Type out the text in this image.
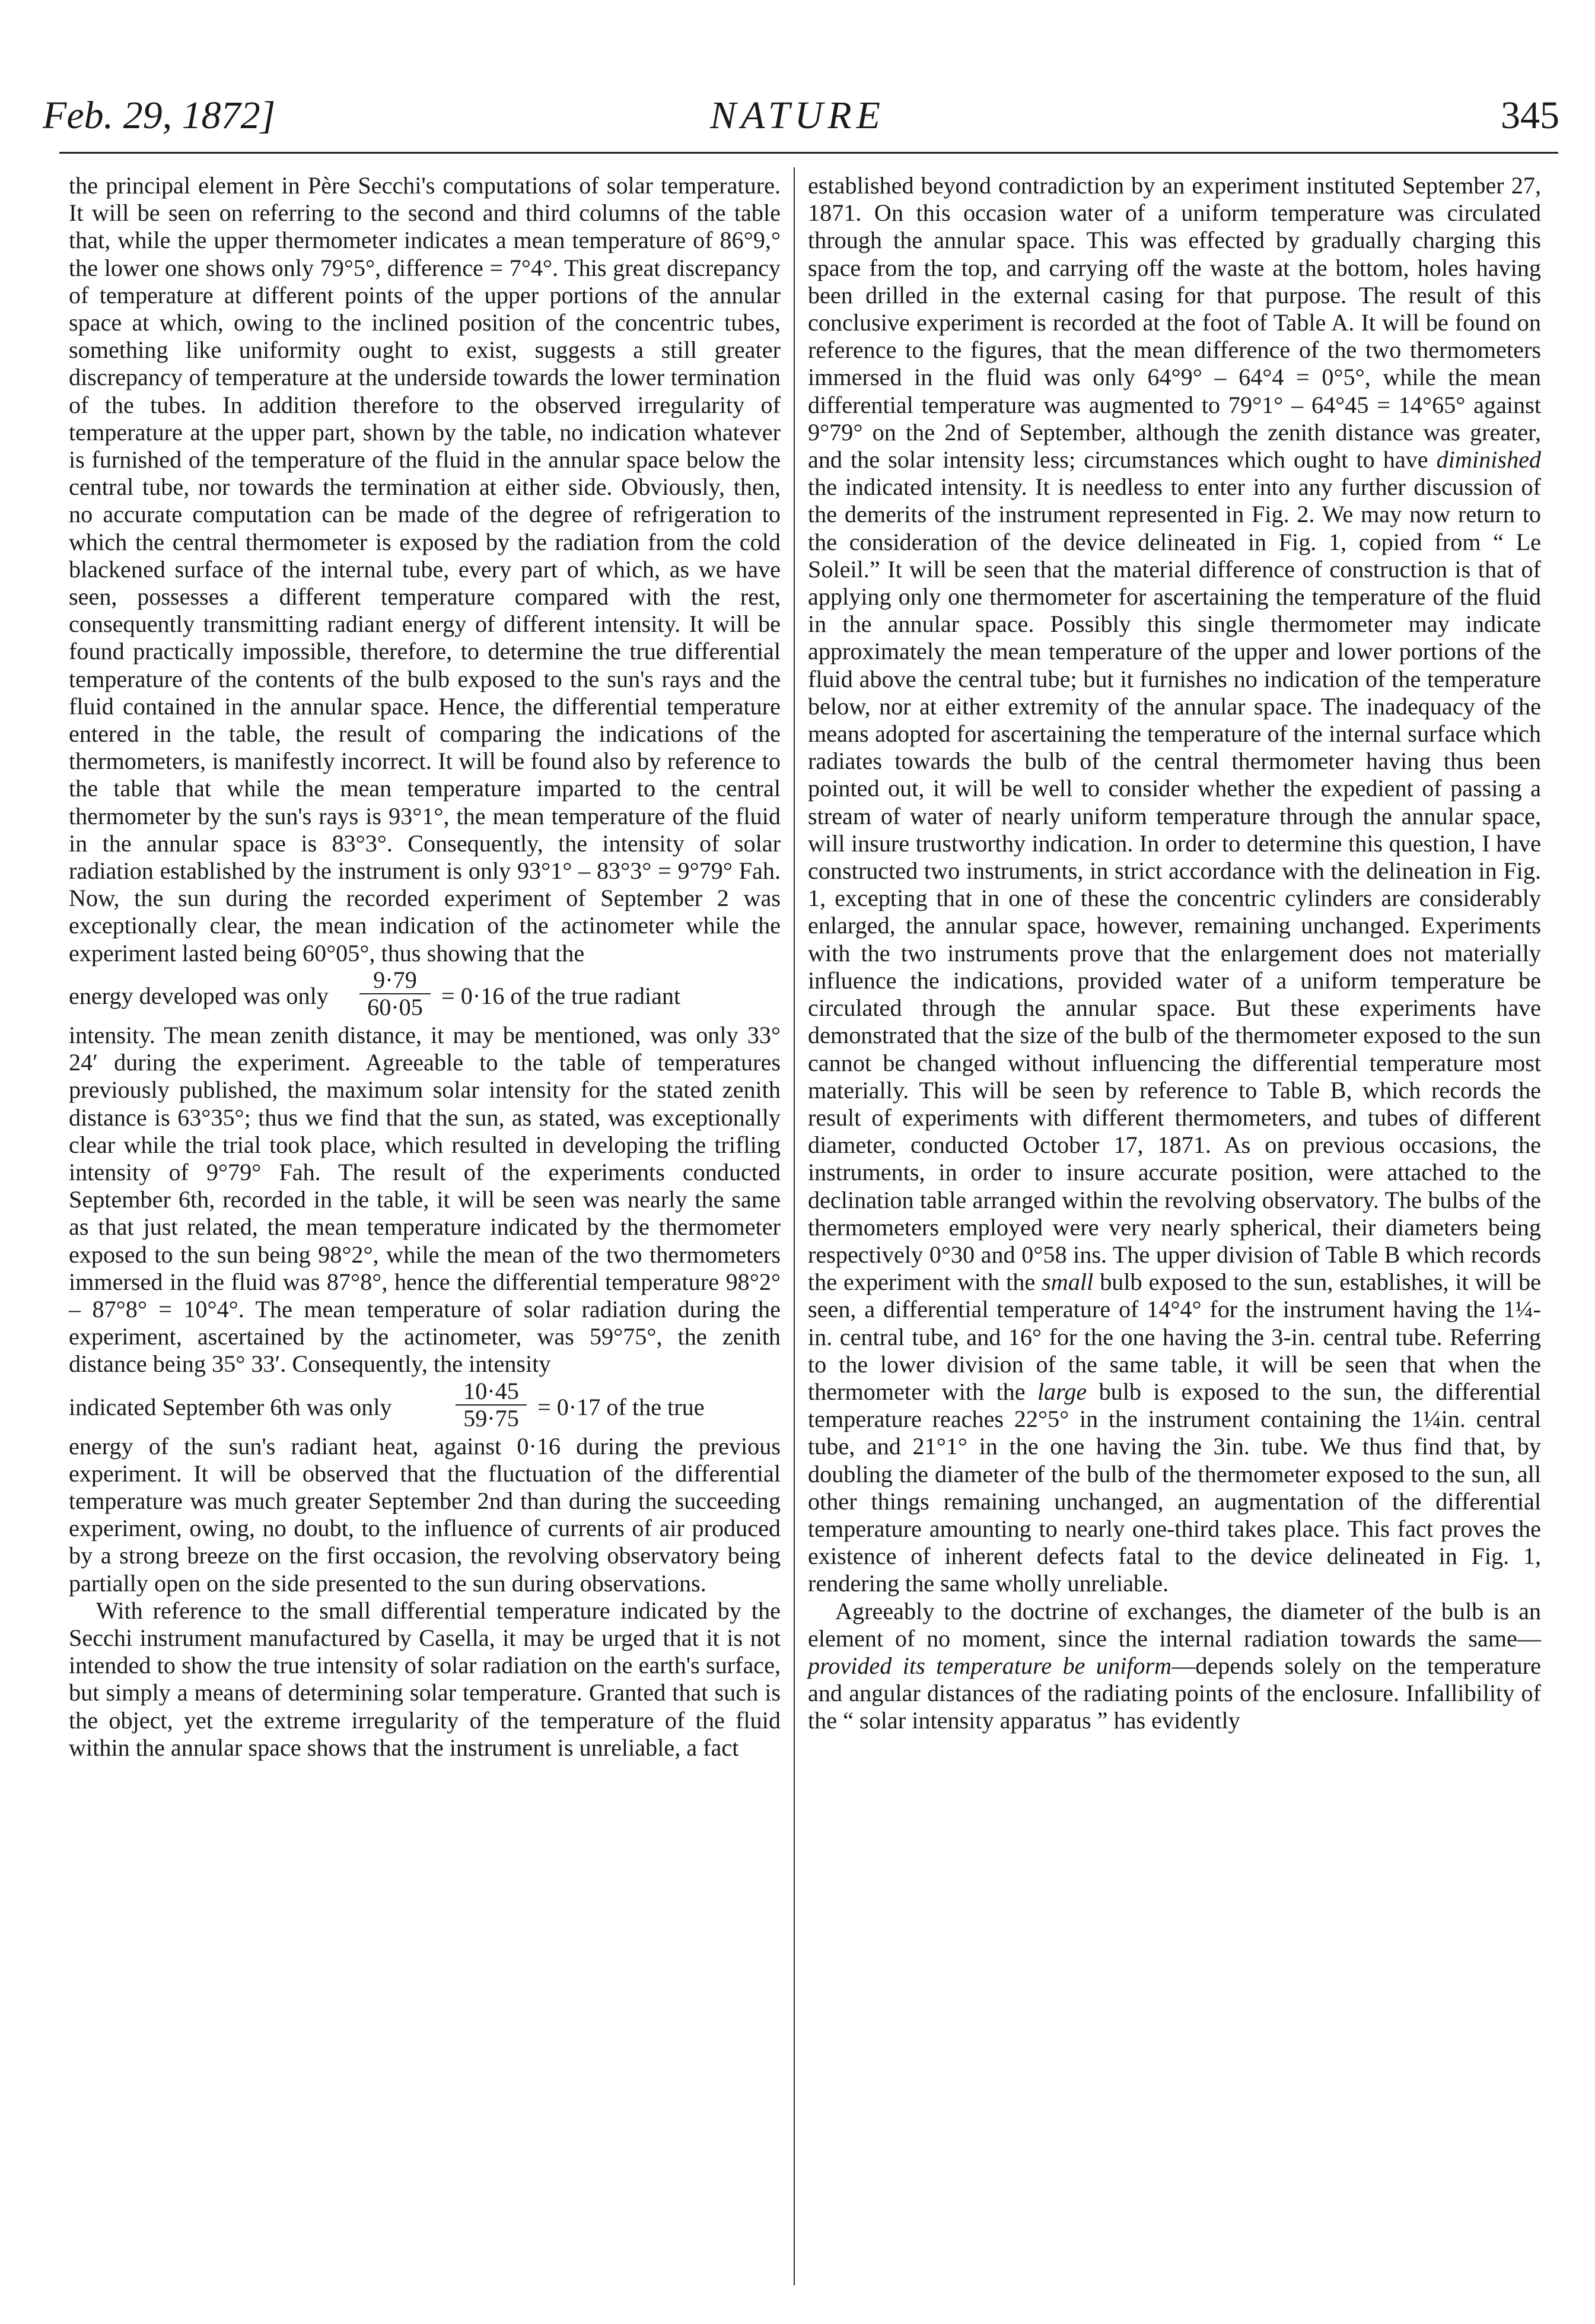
Feb. 29, 1872]	NATURE	345

the principal element in Père Secchi's computations of solar temperature. It will be seen on referring to the second and third columns of the table that, while the upper thermometer indicates a mean temperature of 86°9,° the lower one shows only 79°5°, difference = 7°4°. This great discrepancy of temperature at different points of the upper portions of the annular space at which, owing to the inclined position of the concentric tubes, something like uniformity ought to exist, suggests a still greater discrepancy of temperature at the underside towards the lower termination of the tubes. In addition therefore to the observed irregularity of temperature at the upper part, shown by the table, no indication whatever is furnished of the temperature of the fluid in the annular space below the central tube, nor towards the termination at either side. Obviously, then, no accurate computation can be made of the degree of refrigeration to which the central thermometer is exposed by the radiation from the cold blackened surface of the internal tube, every part of which, as we have seen, possesses a different temperature compared with the rest, consequently transmitting radiant energy of different intensity. It will be found practically impossible, therefore, to determine the true differential temperature of the contents of the bulb exposed to the sun's rays and the fluid contained in the annular space. Hence, the differential temperature entered in the table, the result of comparing the indications of the thermometers, is manifestly incorrect. It will be found also by reference to the table that while the mean temperature imparted to the central thermometer by the sun's rays is 93°1°, the mean temperature of the fluid in the annular space is 83°3°. Consequently, the intensity of solar radiation established by the instrument is only 93°1° – 83°3° = 9°79° Fah. Now, the sun during the recorded experiment of September 2 was exceptionally clear, the mean indication of the actinometer while the experiment lasted being 60°05°, thus showing that the

energy developed was only $\frac{9\cdot 79}{60\cdot 05} = 0\cdot 16$ of the true radiant

intensity. The mean zenith distance, it may be mentioned, was only 33° 24′ during the experiment. Agreeable to the table of temperatures previously published, the maximum solar intensity for the stated zenith distance is 63°35°; thus we find that the sun, as stated, was exceptionally clear while the trial took place, which resulted in developing the trifling intensity of 9°79° Fah. The result of the experiments conducted September 6th, recorded in the table, it will be seen was nearly the same as that just related, the mean temperature indicated by the thermometer exposed to the sun being 98°2°, while the mean of the two thermometers immersed in the fluid was 87°8°, hence the differential temperature 98°2° – 87°8° = 10°4°. The mean temperature of solar radiation during the experiment, ascertained by the actinometer, was 59°75°, the zenith distance being 35° 33′. Consequently, the intensity

indicated September 6th was only	$\frac{10\cdot 45}{59\cdot 75} = 0\cdot 17$ of the true

energy of the sun's radiant heat, against 0·16 during the previous experiment. It will be observed that the fluctuation of the differential temperature was much greater September 2nd than during the succeeding experiment, owing, no doubt, to the influence of currents of air produced by a strong breeze on the first occasion, the revolving observatory being partially open on the side presented to the sun during observations.

With reference to the small differential temperature indicated by the Secchi instrument manufactured by Casella, it may be urged that it is not intended to show the true intensity of solar radiation on the earth's surface, but simply a means of determining solar temperature. Granted that such is the object, yet the extreme irregularity of the temperature of the fluid within the annular space shows that the instrument is unreliable, a fact

established beyond contradiction by an experiment instituted September 27, 1871. On this occasion water of a uniform temperature was circulated through the annular space. This was effected by gradually charging this space from the top, and carrying off the waste at the bottom, holes having been drilled in the external casing for that purpose. The result of this conclusive experiment is recorded at the foot of Table A. It will be found on reference to the figures, that the mean difference of the two thermometers immersed in the fluid was only 64°9° – 64°4 = 0°5°, while the mean differential temperature was augmented to 79°1° – 64°45 = 14°65° against 9°79° on the 2nd of September, although the zenith distance was greater, and the solar intensity less; circumstances which ought to have diminished the indicated intensity. It is needless to enter into any further discussion of the demerits of the instrument represented in Fig. 2. We may now return to the consideration of the device delineated in Fig. 1, copied from “ Le Soleil.” It will be seen that the material difference of construction is that of applying only one thermometer for ascertaining the temperature of the fluid in the annular space. Possibly this single thermometer may indicate approximately the mean temperature of the upper and lower portions of the fluid above the central tube; but it furnishes no indication of the temperature below, nor at either extremity of the annular space. The inadequacy of the means adopted for ascertaining the temperature of the internal surface which radiates towards the bulb of the central thermometer having thus been pointed out, it will be well to consider whether the expedient of passing a stream of water of nearly uniform temperature through the annular space, will insure trustworthy indication. In order to determine this question, I have constructed two instruments, in strict accordance with the delineation in Fig. 1, excepting that in one of these the concentric cylinders are considerably enlarged, the annular space, however, remaining unchanged. Experiments with the two instruments prove that the enlargement does not materially influence the indications, provided water of a uniform temperature be circulated through the annular space. But these experiments have demonstrated that the size of the bulb of the thermometer exposed to the sun cannot be changed without influencing the differential temperature most materially. This will be seen by reference to Table B, which records the result of experiments with different thermometers, and tubes of different diameter, conducted October 17, 1871. As on previous occasions, the instruments, in order to insure accurate position, were attached to the declination table arranged within the revolving observatory. The bulbs of the thermometers employed were very nearly spherical, their diameters being respectively 0°30 and 0°58 ins. The upper division of Table B which records the experiment with the small bulb exposed to the sun, establishes, it will be seen, a differential temperature of 14°4° for the instrument having the 1¼-in. central tube, and 16° for the one having the 3-in. central tube. Referring to the lower division of the same table, it will be seen that when the thermometer with the large bulb is exposed to the sun, the differential temperature reaches 22°5° in the instrument containing the 1¼in. central tube, and 21°1° in the one having the 3in. tube. We thus find that, by doubling the diameter of the bulb of the thermometer exposed to the sun, all other things remaining unchanged, an augmentation of the differential temperature amounting to nearly one-third takes place. This fact proves the existence of inherent defects fatal to the device delineated in Fig. 1, rendering the same wholly unreliable.

Agreeably to the doctrine of exchanges, the diameter of the bulb is an element of no moment, since the internal radiation towards the same—provided its temperature be uniform—depends solely on the temperature and angular distances of the radiating points of the enclosure. Infallibility of the “ solar intensity apparatus ” has evidently
